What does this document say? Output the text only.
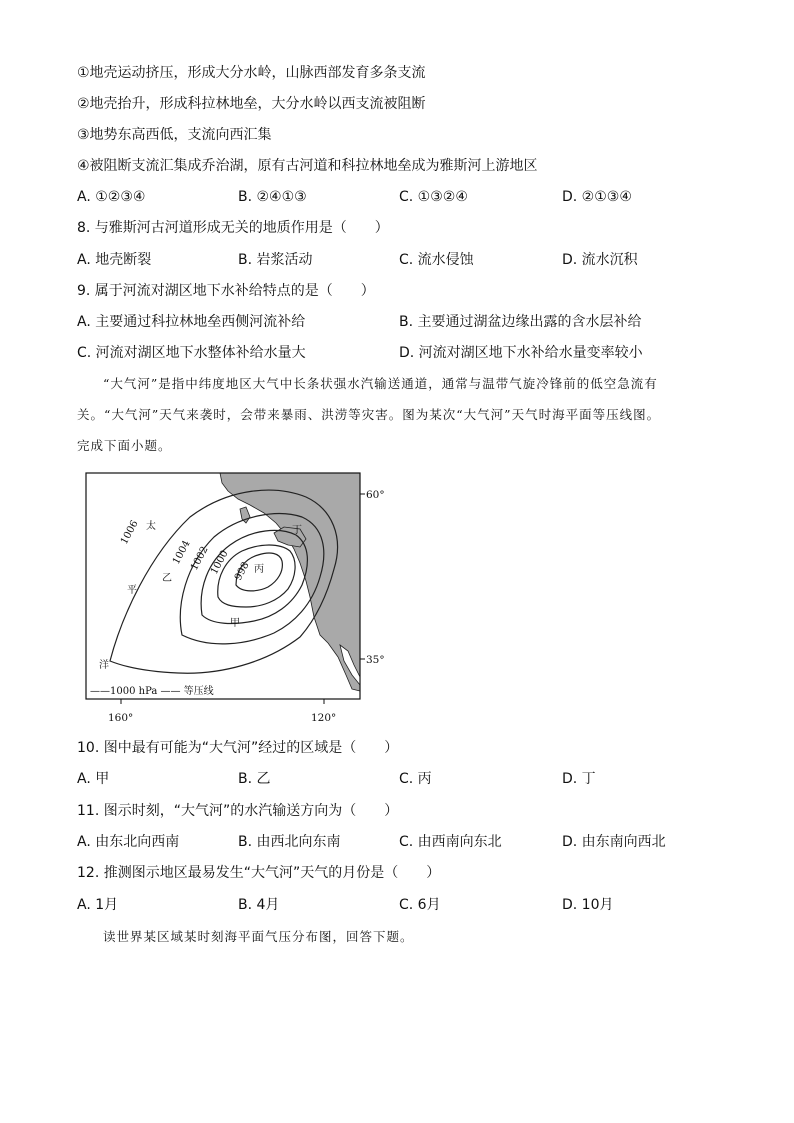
①地壳运动挤压，形成大分水岭，山脉西部发育多条支流
②地壳抬升，形成科拉林地垒，大分水岭以西支流被阻断
③地势东高西低，支流向西汇集
④被阻断支流汇集成乔治湖，原有古河道和科拉林地垒成为雅斯河上游地区
A. ①②③④	B. ②④①③	C. ①③②④	D. ②①③④
8. 与雅斯河古河道形成无关的地质作用是（　　）
A. 地壳断裂	B. 岩浆活动	C. 流水侵蚀	D. 流水沉积
9. 属于河流对湖区地下水补给特点的是（　　）
A. 主要通过科拉林地垒西侧河流补给	B. 主要通过湖盆边缘出露的含水层补给
C. 河流对湖区地下水整体补给水量大	D. 河流对湖区地下水补给水量变率较小
“大气河”是指中纬度地区大气中长条状强水汽输送通道，通常与温带气旋冷锋前的低空急流有
关。“大气河”天气来袭时，会带来暴雨、洪涝等灾害。图为某次“大气河”天气时海平面等压线图。
完成下面小题。
1006
1004
1002
1000 998
甲
乙
丙
丁
太
平
洋
60°
35°
160°	120°
——1000 hPa —— 等压线
10. 图中最有可能为“大气河”经过的区域是（　　）
A. 甲	B. 乙	C. 丙	D. 丁
11. 图示时刻，“大气河”的水汽输送方向为（　　）
A. 由东北向西南	B. 由西北向东南	C. 由西南向东北	D. 由东南向西北
12. 推测图示地区最易发生“大气河”天气的月份是（　　）
A. 1月	B. 4月	C. 6月	D. 10月
读世界某区域某时刻海平面气压分布图，回答下题。
